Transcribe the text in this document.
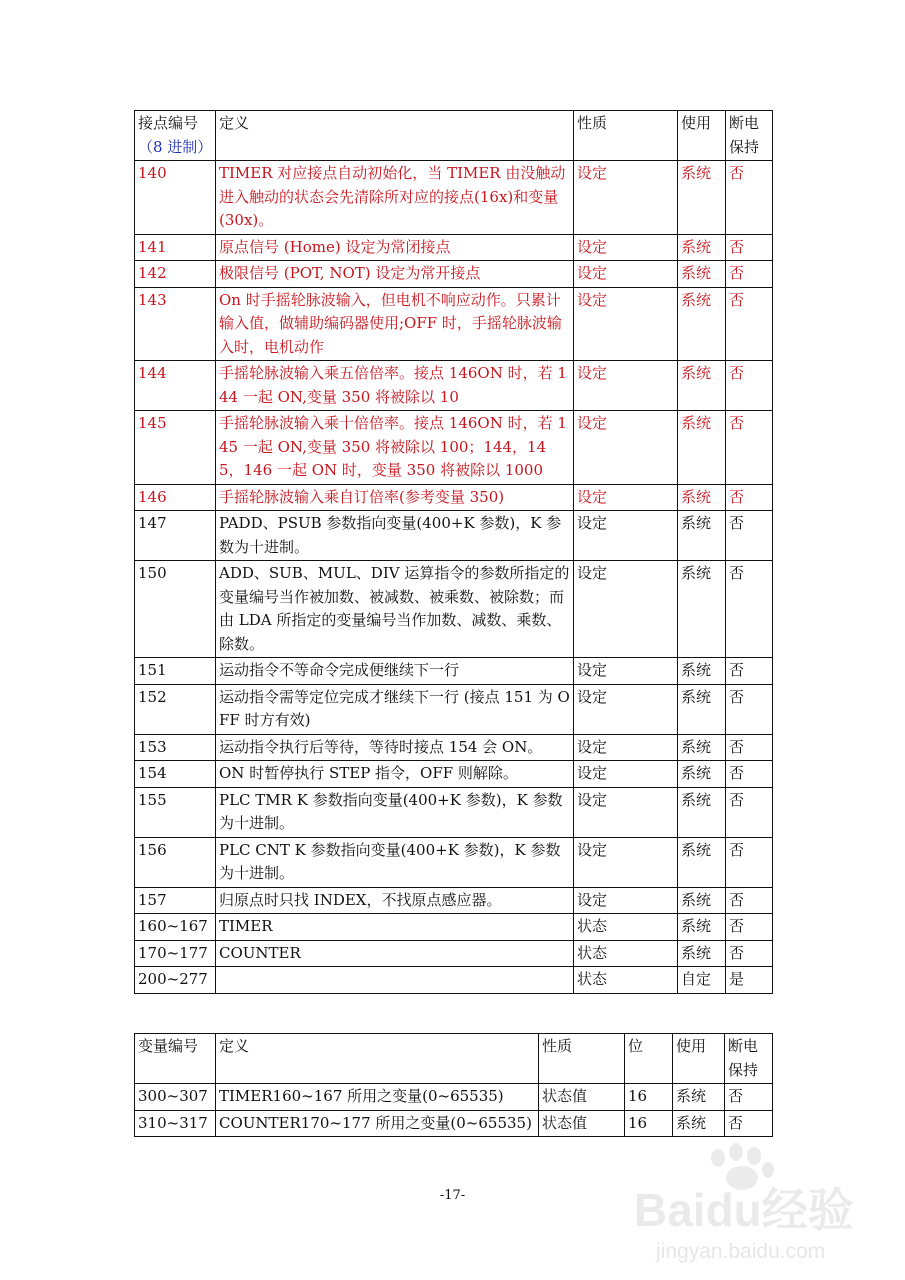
接点编号
（8 进制）	定义	性质	使用	断电保持
140	TIMER 对应接点自动初始化，当 TIMER 由没触动进入触动的状态会先清除所对应的接点(16x)和变量(30x)。	设定	系统	否
141	原点信号 (Home) 设定为常闭接点	设定	系统	否
142	极限信号 (POT, NOT) 设定为常开接点	设定	系统	否
143	On 时手摇轮脉波输入，但电机不响应动作。只累计输入值，做辅助编码器使用;OFF 时，手摇轮脉波输入时，电机动作	设定	系统	否
144	手摇轮脉波输入乘五倍倍率。接点 146ON 时，若 144 一起 ON,变量 350 将被除以 10	设定	系统	否
145	手摇轮脉波输入乘十倍倍率。接点 146ON 时，若 145 一起 ON,变量 350 将被除以 100；144，145，146 一起 ON 时，变量 350 将被除以 1000	设定	系统	否
146	手摇轮脉波输入乘自订倍率(参考变量 350)	设定	系统	否
147	PADD、PSUB 参数指向变量(400+K 参数)，K 参数为十进制。	设定	系统	否
150	ADD、SUB、MUL、DIV 运算指令的参数所指定的变量编号当作被加数、被减数、被乘数、被除数；而由 LDA 所指定的变量编号当作加数、减数、乘数、除数。	设定	系统	否
151	运动指令不等命令完成便继续下一行	设定	系统	否
152	运动指令需等定位完成才继续下一行 (接点 151 为 OFF 时方有效)	设定	系统	否
153	运动指令执行后等待，等待时接点 154 会 ON。	设定	系统	否
154	ON 时暂停执行 STEP 指令，OFF 则解除。	设定	系统	否
155	PLC TMR K 参数指向变量(400+K 参数)，K 参数为十进制。	设定	系统	否
156	PLC CNT K 参数指向变量(400+K 参数)，K 参数为十进制。	设定	系统	否
157	归原点时只找 INDEX，不找原点感应器。	设定	系统	否
160~167	TIMER	状态	系统	否
170~177	COUNTER	状态	系统	否
200~277		状态	自定	是
变量编号	定义	性质	位	使用	断电保持
300~307	TIMER160~167 所用之变量(0~65535)	状态值	16	系统	否
310~317	COUNTER170~177 所用之变量(0~65535)	状态值	16	系统	否
-17-	Baidu经验
jingyan.baidu.com
